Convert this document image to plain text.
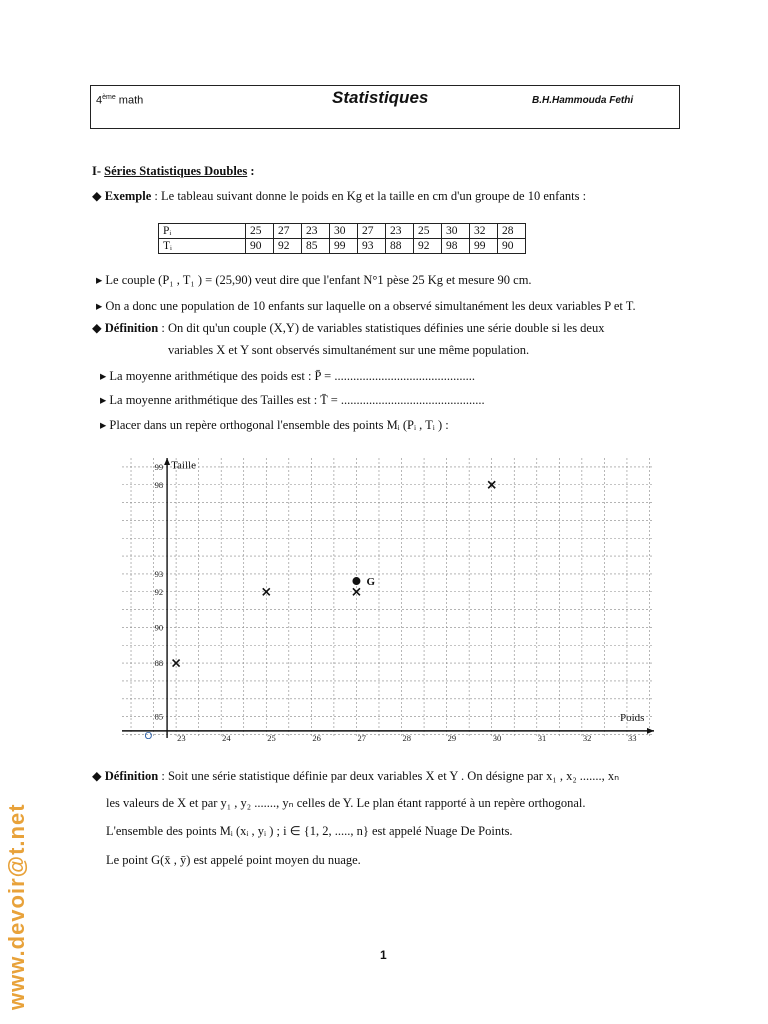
4ème math	Statistiques	B.H.Hammouda Fethi
I- Séries Statistiques Doubles :
◆ Exemple : Le tableau suivant donne le poids en Kg et la taille en cm d'un groupe de 10 enfants :
Pᵢ	25	27	23	30	27	23	25	30	32	28
Tᵢ	90	92	85	99	93	88	92	98	99	90
▸ Le couple (P₁ , T₁ ) = (25,90) veut dire que l'enfant N°1 pèse 25 Kg et mesure 90 cm.
▸ On a donc une population de 10 enfants sur laquelle on a observé simultanément les deux variables P et T.
◆ Définition : On dit qu'un couple (X,Y) de variables statistiques définies une série double si les deux
variables X et Y sont observés simultanément sur une même population.
▸ La moyenne arithmétique des poids est : P̄ = .............................................
▸ La moyenne arithmétique des Tailles est : T̄ = ..............................................
▸ Placer dans un repère orthogonal l'ensemble des points Mᵢ (Pᵢ , Tᵢ ) :
23	24	25	26	27	28	29	30	31	32	33
85
88
90
92
93
98
99
O
Poids
Taille
G
◆ Définition : Soit une série statistique définie par deux variables X et Y . On désigne par x₁ , x₂ ......., xₙ
les valeurs de X et par y₁ , y₂ ......., yₙ celles de Y. Le plan étant rapporté à un repère orthogonal.
L'ensemble des points Mᵢ (xᵢ , yᵢ ) ; i ∈ {1, 2, ....., n} est appelé Nuage De Points.
Le point G(x̄ , ȳ) est appelé point moyen du nuage.
www.devoir@t.net	1
